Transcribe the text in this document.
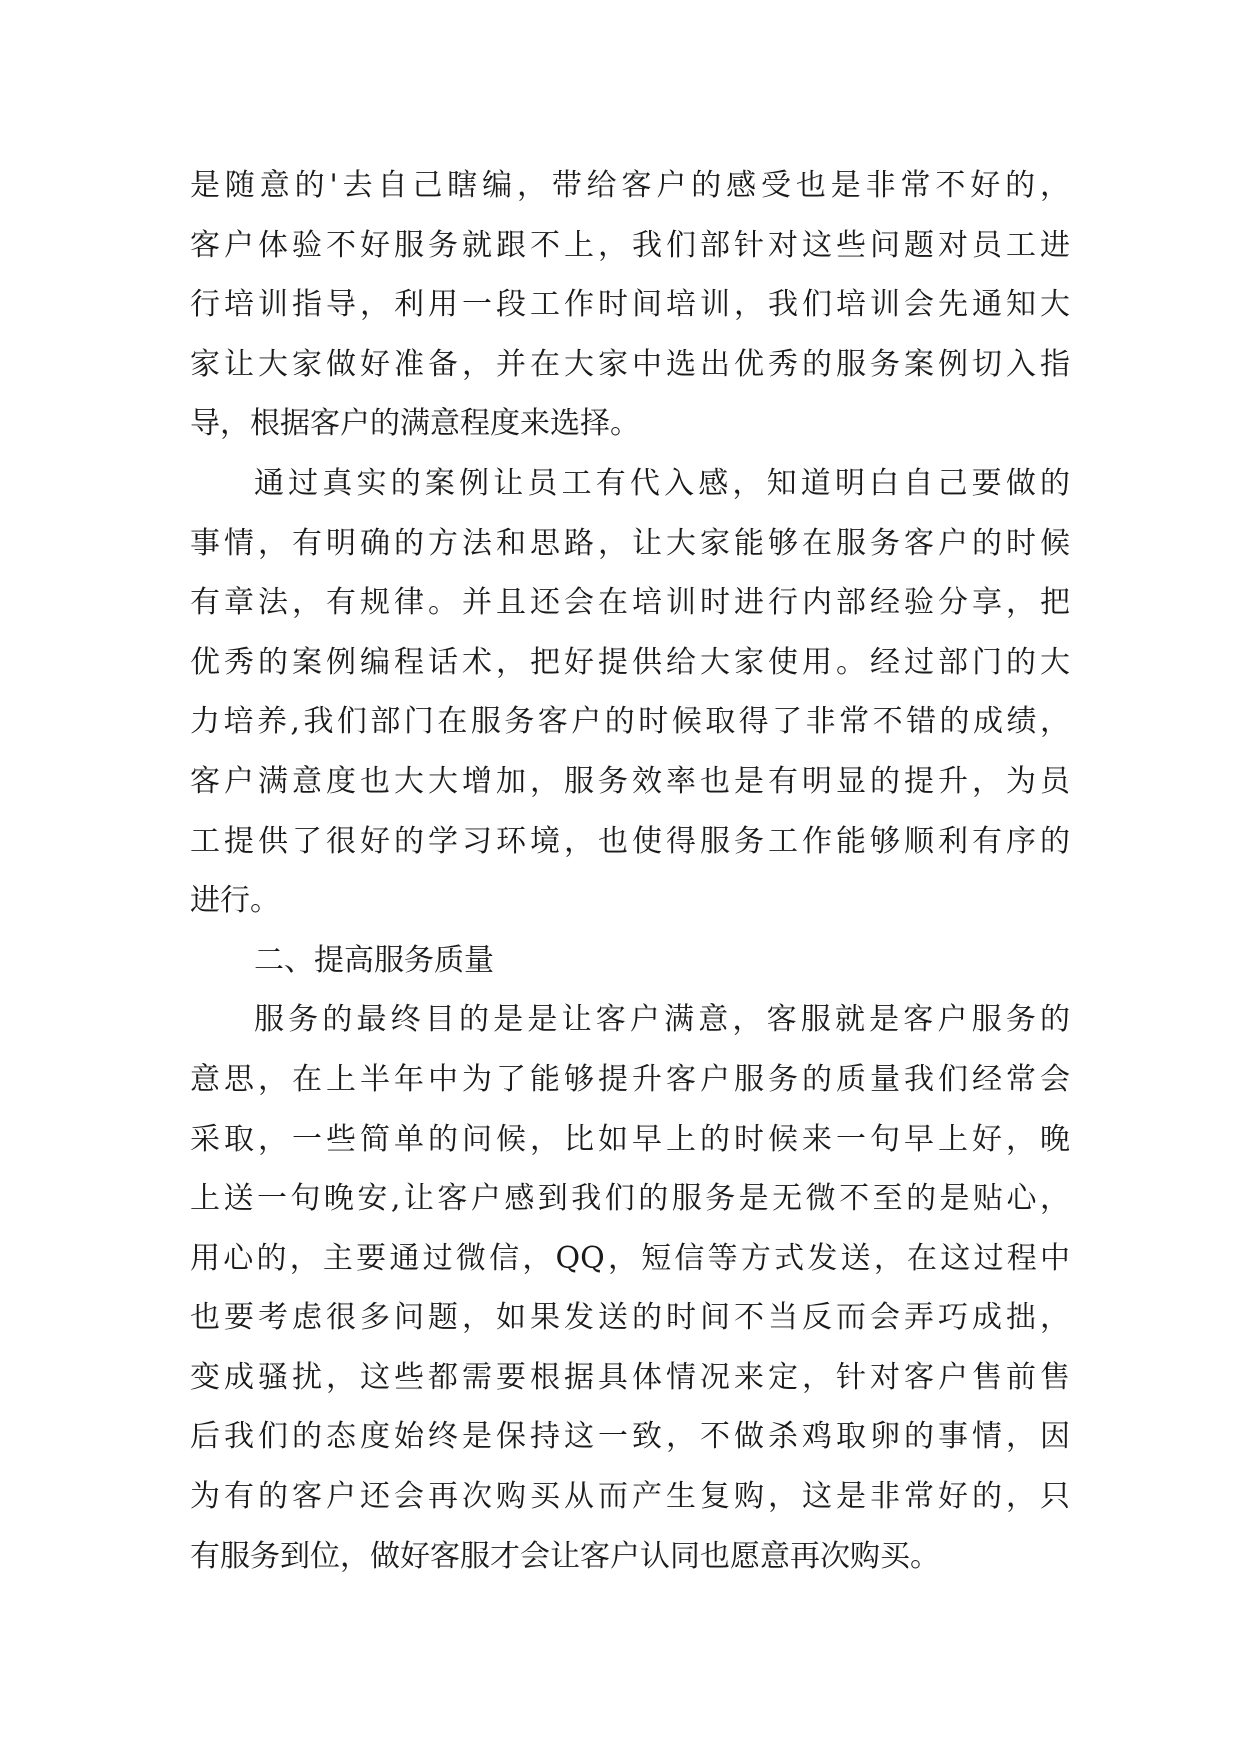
是随意的'去自己瞎编，带给客户的感受也是非常不好的，
客户体验不好服务就跟不上，我们部针对这些问题对员工进
行培训指导，利用一段工作时间培训，我们培训会先通知大
家让大家做好准备，并在大家中选出优秀的服务案例切入指
导，根据客户的满意程度来选择。
通过真实的案例让员工有代入感，知道明白自己要做的
事情，有明确的方法和思路，让大家能够在服务客户的时候
有章法，有规律。并且还会在培训时进行内部经验分享，把
优秀的案例编程话术，把好提供给大家使用。经过部门的大
力培养,我们部门在服务客户的时候取得了非常不错的成绩，
客户满意度也大大增加，服务效率也是有明显的提升，为员
工提供了很好的学习环境，也使得服务工作能够顺利有序的
进行。
二、提高服务质量
服务的最终目的是是让客户满意，客服就是客户服务的
意思，在上半年中为了能够提升客户服务的质量我们经常会
采取，一些简单的问候，比如早上的时候来一句早上好，晚
上送一句晚安,让客户感到我们的服务是无微不至的是贴心，
用心的，主要通过微信，QQ，短信等方式发送，在这过程中
也要考虑很多问题，如果发送的时间不当反而会弄巧成拙，
变成骚扰，这些都需要根据具体情况来定，针对客户售前售
后我们的态度始终是保持这一致，不做杀鸡取卵的事情，因
为有的客户还会再次购买从而产生复购，这是非常好的，只
有服务到位，做好客服才会让客户认同也愿意再次购买。
